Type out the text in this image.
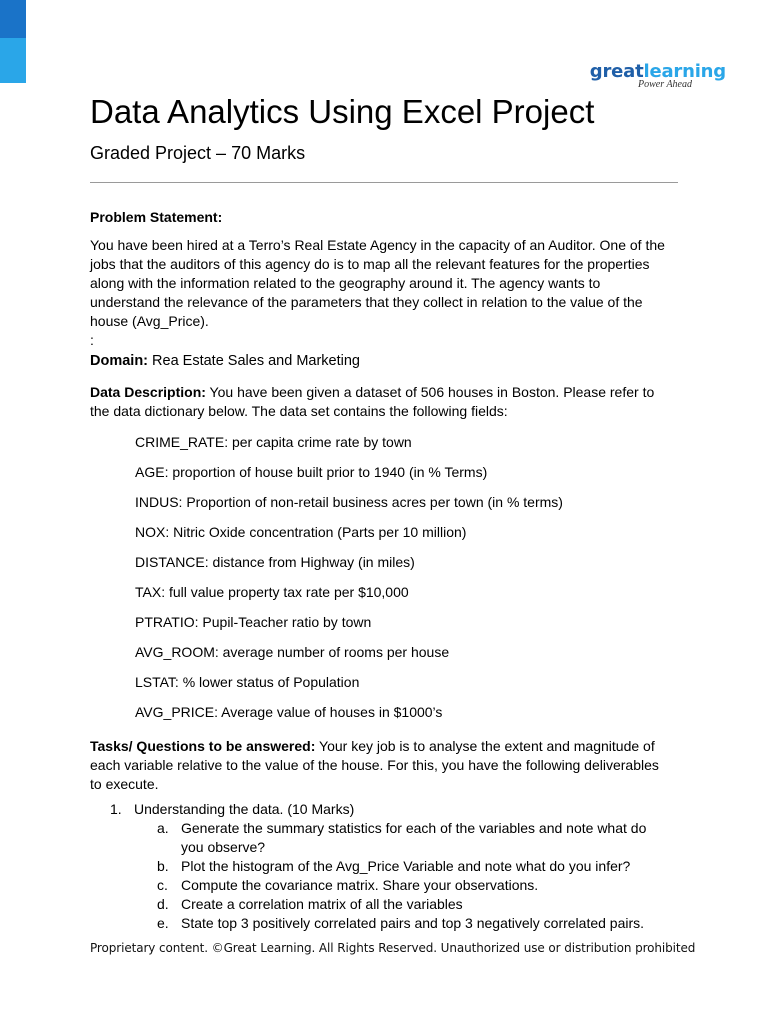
greatlearning
Power Ahead
Data Analytics Using Excel Project
Graded Project – 70 Marks
Problem Statement:

You have been hired at a Terro’s Real Estate Agency in the capacity of an Auditor. One of the jobs that the auditors of this agency do is to map all the relevant features for the properties along with the information related to the geography around it. The agency wants to understand the relevance of the parameters that they collect in relation to the value of the house (Avg_Price).

:
Domain: Rea Estate Sales and Marketing

Data Description: You have been given a dataset of 506 houses in Boston. Please refer to the data dictionary below. The data set contains the following fields:

CRIME_RATE: per capita crime rate by town
AGE: proportion of house built prior to 1940 (in % Terms)
INDUS: Proportion of non-retail business acres per town (in % terms)
NOX: Nitric Oxide concentration (Parts per 10 million)
DISTANCE: distance from Highway (in miles)
TAX: full value property tax rate per $10,000
PTRATIO: Pupil-Teacher ratio by town
AVG_ROOM: average number of rooms per house
LSTAT: % lower status of Population
AVG_PRICE: Average value of houses in $1000’s

Tasks/ Questions to be answered: Your key job is to analyse the extent and magnitude of each variable relative to the value of the house. For this, you have the following deliverables to execute.

1. Understanding the data. (10 Marks)
a. Generate the summary statistics for each of the variables and note what do you observe?
b. Plot the histogram of the Avg_Price Variable and note what do you infer?
c. Compute the covariance matrix. Share your observations.
d. Create a correlation matrix of all the variables
e. State top 3 positively correlated pairs and top 3 negatively correlated pairs.
Proprietary content. ©Great Learning. All Rights Reserved. Unauthorized use or distribution prohibited
